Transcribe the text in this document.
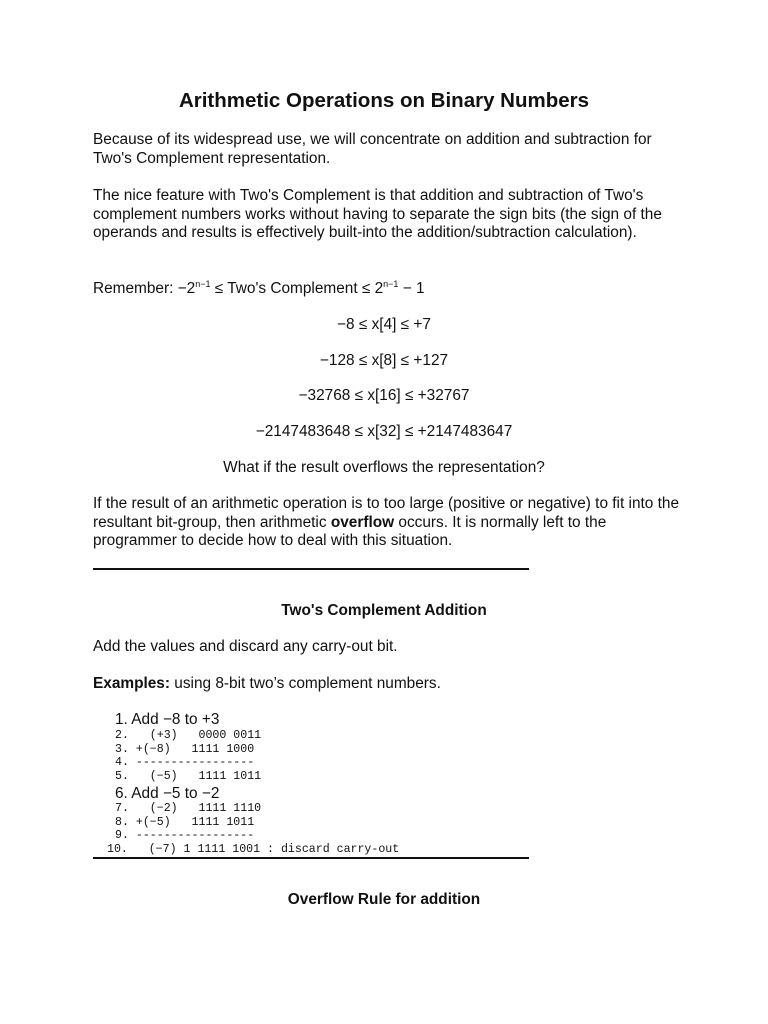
Arithmetic Operations on Binary Numbers
Because of its widespread use, we will concentrate on addition and subtraction for Two's Complement representation.
The nice feature with Two's Complement is that addition and subtraction of Two's complement numbers works without having to separate the sign bits (the sign of the operands and results is effectively built-into the addition/subtraction calculation).
Remember: $-2^{n-1} \le Two's$ Complement ≤ $2^{n-1} - 1$
−8 ≤ x[4] ≤ +7
−128 ≤ x[8] ≤ +127
−32768 ≤ x[16] ≤ +32767
−2147483648 ≤ x[32] ≤ +2147483647
What if the result overflows the representation?
If the result of an arithmetic operation is to too large (positive or negative) to fit into the resultant bit-group, then arithmetic overflow occurs. It is normally left to the programmer to decide how to deal with this situation.
Two's Complement Addition
Add the values and discard any carry-out bit.
Examples: using 8-bit two’s complement numbers.
1. Add −8 to +3
2.   (+3)   0000 0011
3. +(−8)   1111 1000
4. -----------------
5.   (−5)   1111 1011
6. Add −5 to −2
7.   (−2)   1111 1110
8. +(−5)   1111 1011
9. -----------------
10.   (−7) 1 1111 1001 : discard carry-out
Overflow Rule for addition
